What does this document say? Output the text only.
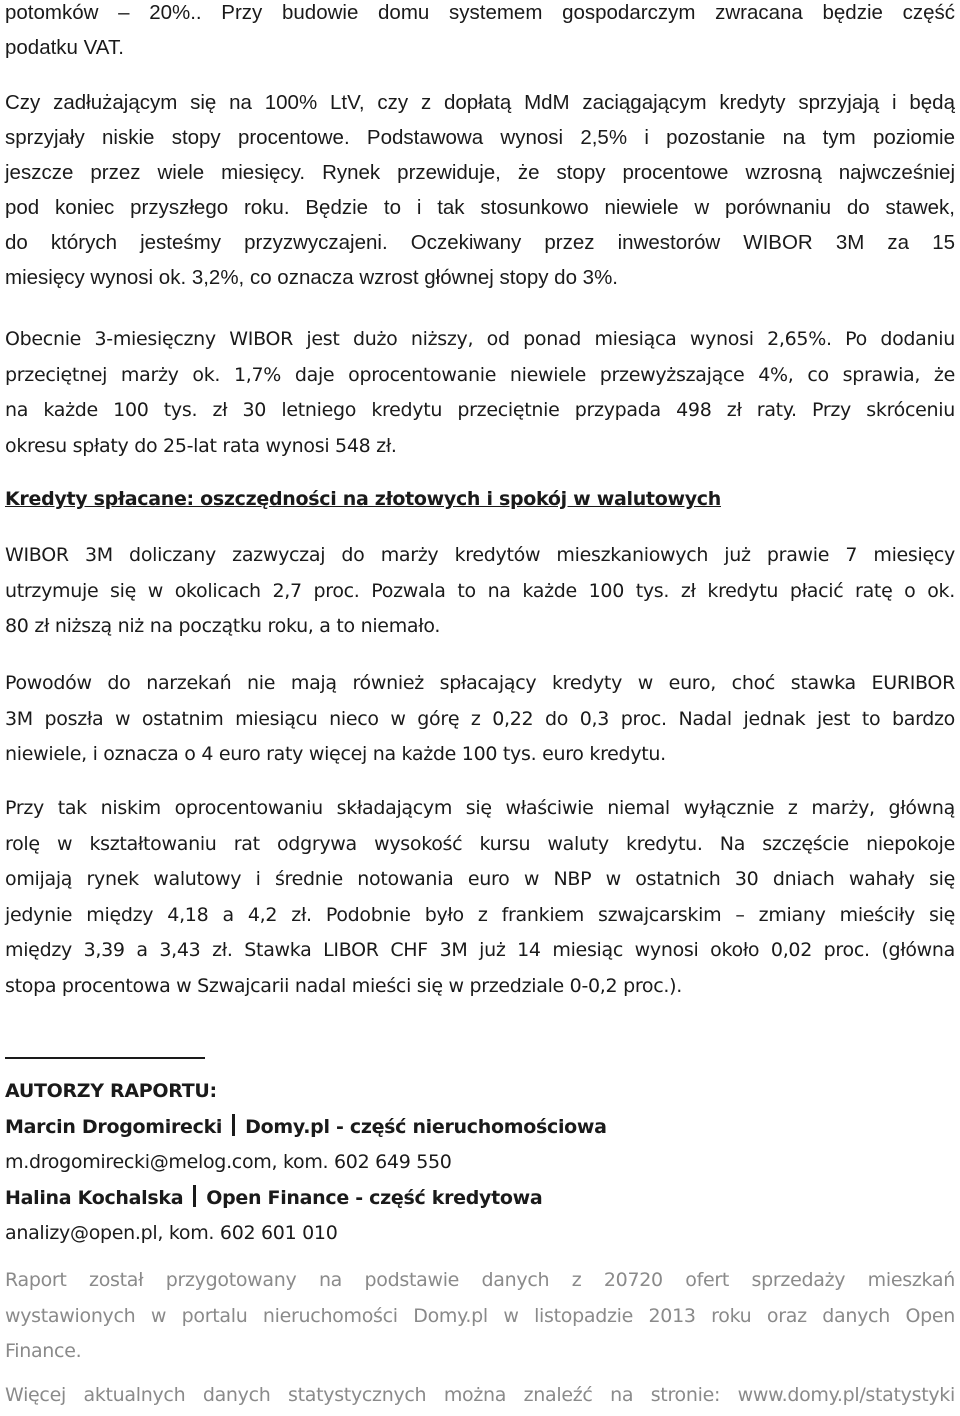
potomków – 20%.. Przy budowie domu systemem gospodarczym zwracana będzie część
podatku VAT.

Czy zadłużającym się na 100% LtV, czy z dopłatą MdM zaciągającym kredyty sprzyjają i będą
sprzyjały niskie stopy procentowe. Podstawowa wynosi 2,5% i pozostanie na tym poziomie
jeszcze przez wiele miesięcy. Rynek przewiduje, że stopy procentowe wzrosną najwcześniej
pod koniec przyszłego roku. Będzie to i tak stosunkowo niewiele w porównaniu do stawek,
do których jesteśmy przyzwyczajeni. Oczekiwany przez inwestorów WIBOR 3M za 15
miesięcy wynosi ok. 3,2%, co oznacza wzrost głównej stopy do 3%.

Obecnie 3-miesięczny WIBOR jest dużo niższy, od ponad miesiąca wynosi 2,65%. Po dodaniu
przeciętnej marży ok. 1,7% daje oprocentowanie niewiele przewyższające 4%, co sprawia, że
na każde 100 tys. zł 30 letniego kredytu przeciętnie przypada 498 zł raty. Przy skróceniu
okresu spłaty do 25-lat rata wynosi 548 zł.

Kredyty spłacane: oszczędności na złotowych i spokój w walutowych

WIBOR 3M doliczany zazwyczaj do marży kredytów mieszkaniowych już prawie 7 miesięcy
utrzymuje się w okolicach 2,7 proc. Pozwala to na każde 100 tys. zł kredytu płacić ratę o ok.
80 zł niższą niż na początku roku, a to niemało.

Powodów do narzekań nie mają również spłacający kredyty w euro, choć stawka EURIBOR
3M poszła w ostatnim miesiącu nieco w górę z 0,22 do 0,3 proc. Nadal jednak jest to bardzo
niewiele, i oznacza o 4 euro raty więcej na każde 100 tys. euro kredytu.

Przy tak niskim oprocentowaniu składającym się właściwie niemal wyłącznie z marży, główną
rolę w kształtowaniu rat odgrywa wysokość kursu waluty kredytu. Na szczęście niepokoje
omijają rynek walutowy i średnie notowania euro w NBP w ostatnich 30 dniach wahały się
jedynie między 4,18 a 4,2 zł. Podobnie było z frankiem szwajcarskim – zmiany mieściły się
między 3,39 a 3,43 zł. Stawka LIBOR CHF 3M już 14 miesiąc wynosi około 0,02 proc. (główna
stopa procentowa w Szwajcarii nadal mieści się w przedziale 0-0,2 proc.).

AUTORZY RAPORTU:
Marcin Drogomirecki Domy.pl - część nieruchomościowa
m.drogomirecki@melog.com, kom. 602 649 550
Halina Kochalska Open Finance - część kredytowa
analizy@open.pl, kom. 602 601 010

Raport został przygotowany na podstawie danych z 20720 ofert sprzedaży mieszkań
wystawionych w portalu nieruchomości Domy.pl w listopadzie 2013 roku oraz danych Open
Finance.

Więcej aktualnych danych statystycznych można znaleźć na stronie: www.domy.pl/statystyki
